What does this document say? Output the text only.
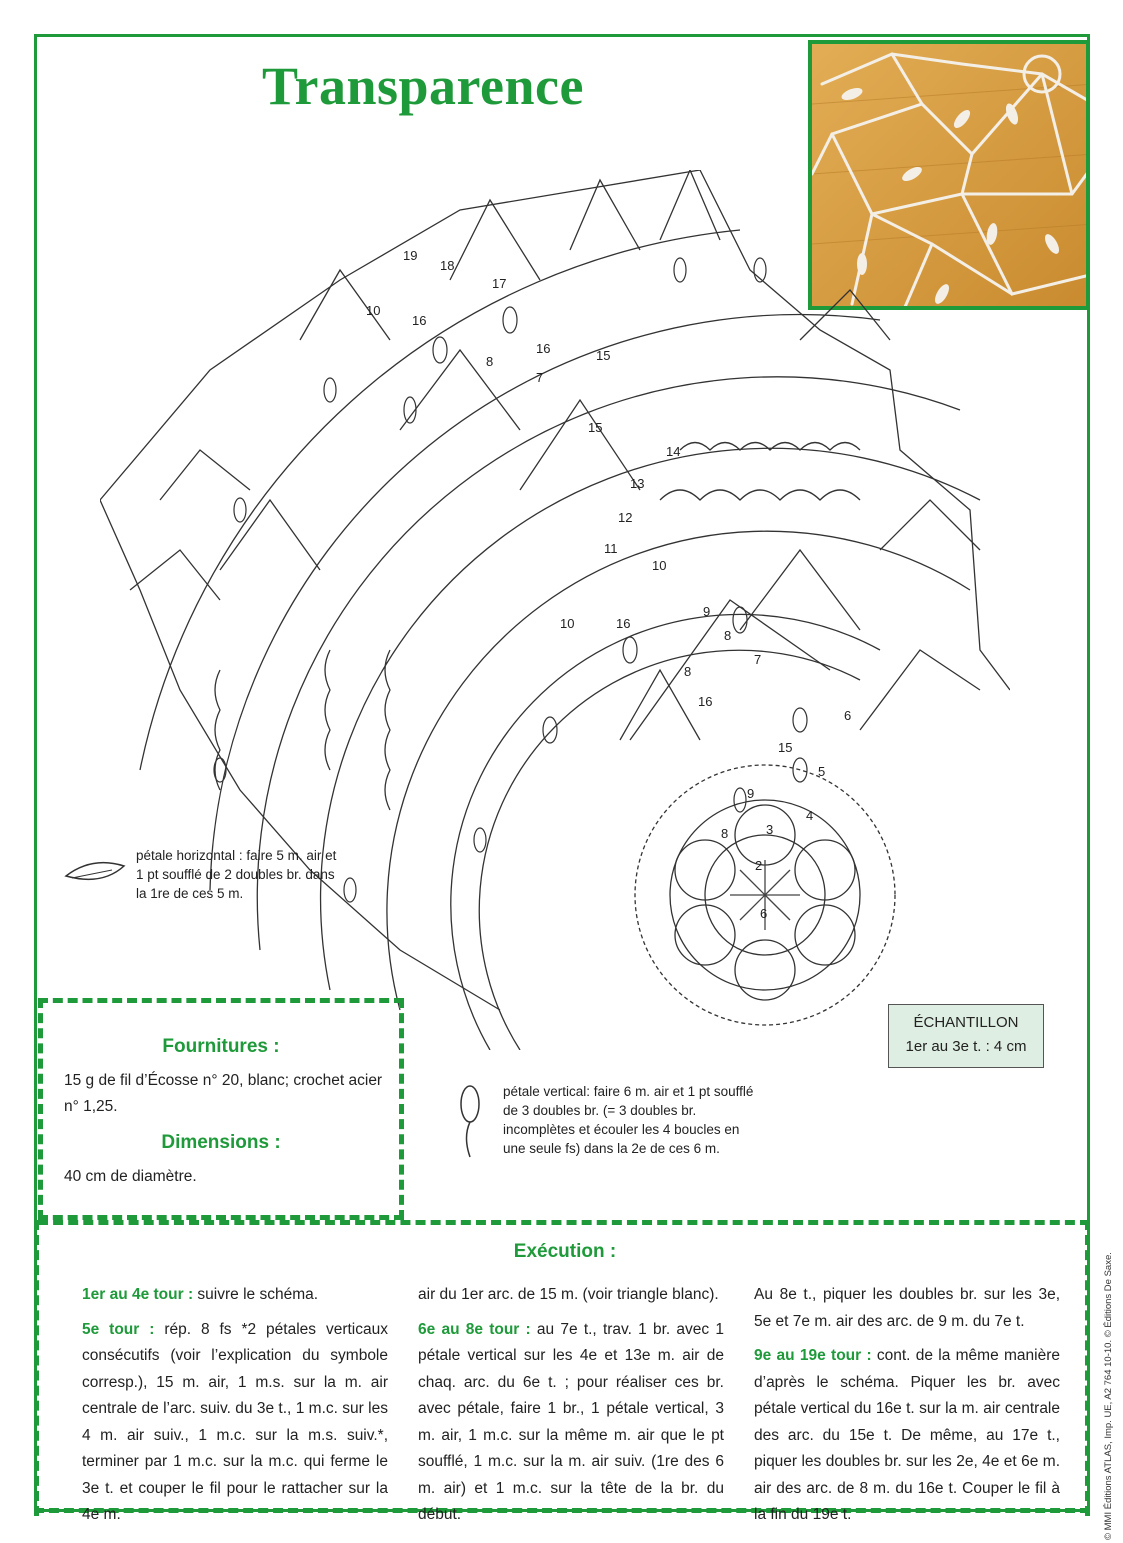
Transparence
19
18
17
16
10
8
7
16	15
15
14
13
12
11
10
9
8
7
10	16
8
16
6
15
5
4
3
2
9
8
6
pétale horizontal : faire 5 m. air et 1 pt soufflé de 2 doubles br. dans la 1re de ces 5 m.
pétale vertical: faire 6 m. air et 1 pt soufflé de 3 doubles br. (= 3 doubles br. incomplètes et écouler les 4 boucles en une seule fs) dans la 2e de ces 6 m.
ÉCHANTILLON
1er au 3e t. : 4 cm
Fournitures :
15 g de fil d’Écosse n° 20, blanc; crochet acier n° 1,25.
Dimensions :
40 cm de diamètre.
Exécution :

1er au 4e tour : suivre le schéma.

5e tour : rép. 8 fs *2 pétales verticaux consécutifs (voir l’explication du symbole corresp.), 15 m. air, 1 m.s. sur la m. air centrale de l’arc. suiv. du 3e t., 1 m.c. sur les 4 m. air suiv., 1 m.c. sur la m.s. suiv.*, terminer par 1 m.c. sur la m.c. qui ferme le 3e t. et couper le fil pour le rattacher sur la 4e m.

air du 1er arc. de 15 m. (voir triangle blanc).

6e au 8e tour : au 7e t., trav. 1 br. avec 1 pétale vertical sur les 4e et 13e m. air de chaq. arc. du 6e t. ; pour réaliser ces br. avec pétale, faire 1 br., 1 pétale vertical, 3 m. air, 1 m.c. sur la même m. air que le pt soufflé, 1 m.c. sur la m. air suiv. (1re des 6 m. air) et 1 m.c. sur la tête de la br. du début.

Au 8e t., piquer les doubles br. sur les 3e, 5e et 7e m. air des arc. de 9 m. du 7e t.

9e au 19e tour : cont. de la même manière d’après le schéma. Piquer les br. avec pétale vertical du 16e t. sur la m. air centrale des arc. du 15e t. De même, au 17e t., piquer les doubles br. sur les 2e, 4e et 6e m. air des arc. de 8 m. du 16e t. Couper le fil à la fin du 19e t.	© MMI Éditions ATLAS, Imp. UE, A2 764 10-10. © Éditions De Saxe.
